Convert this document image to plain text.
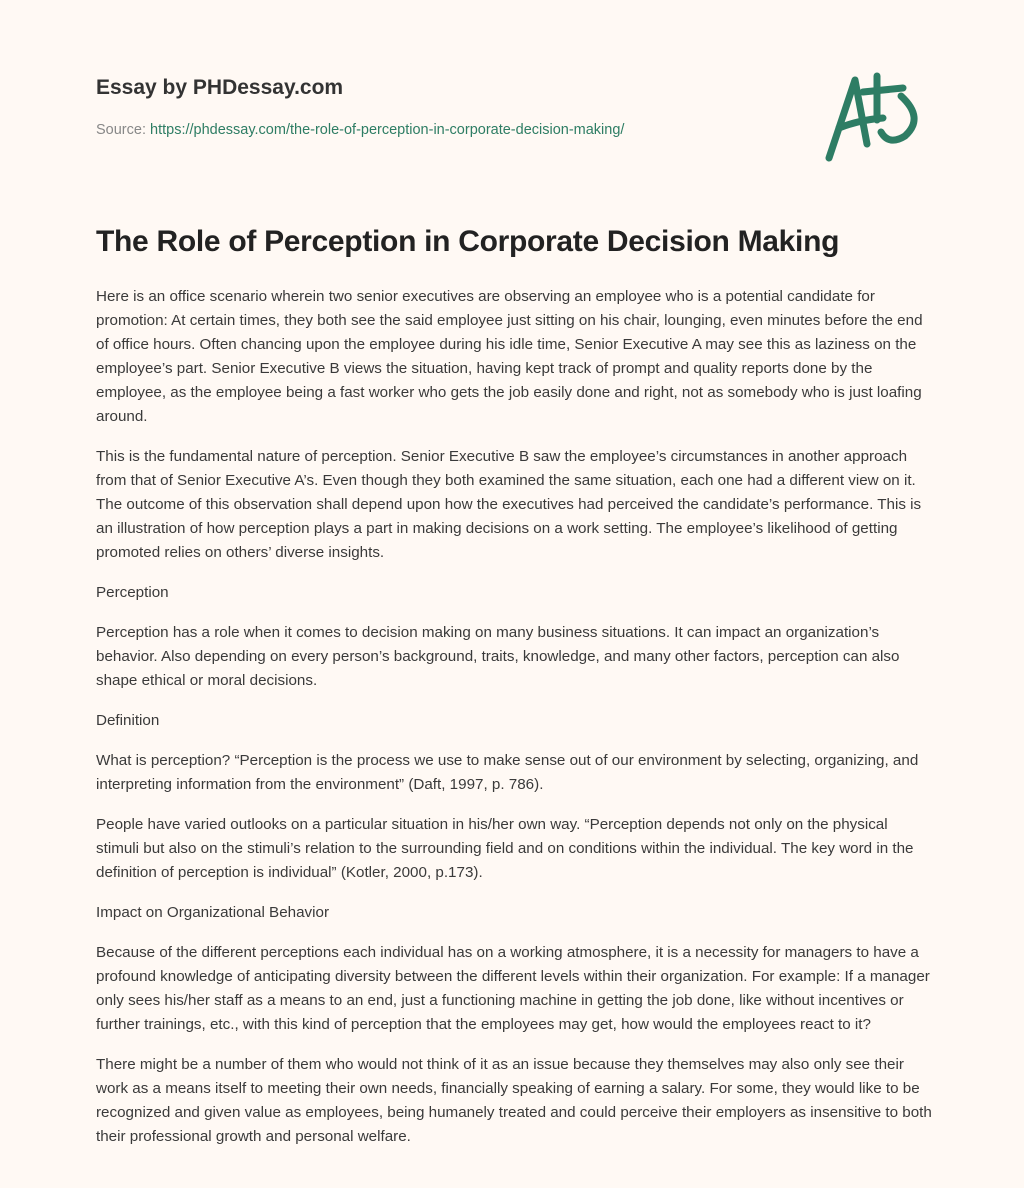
Essay by PHDessay.com

Source: https://phdessay.com/the-role-of-perception-in-corporate-decision-making/
The Role of Perception in Corporate Decision Making

Here is an office scenario wherein two senior executives are observing an employee who is a potential candidate for promotion: At certain times, they both see the said employee just sitting on his chair, lounging, even minutes before the end of office hours. Often chancing upon the employee during his idle time, Senior Executive A may see this as laziness on the employee’s part. Senior Executive B views the situation, having kept track of prompt and quality reports done by the employee, as the employee being a fast worker who gets the job easily done and right, not as somebody who is just loafing around.

This is the fundamental nature of perception. Senior Executive B saw the employee’s circumstances in another approach from that of Senior Executive A’s. Even though they both examined the same situation, each one had a different view on it. The outcome of this observation shall depend upon how the executives had perceived the candidate’s performance. This is an illustration of how perception plays a part in making decisions on a work setting. The employee’s likelihood of getting promoted relies on others’ diverse insights.

Perception

Perception has a role when it comes to decision making on many business situations. It can impact an organization’s behavior. Also depending on every person’s background, traits, knowledge, and many other factors, perception can also shape ethical or moral decisions.

Definition

What is perception? “Perception is the process we use to make sense out of our environment by selecting, organizing, and interpreting information from the environment” (Daft, 1997, p. 786).

People have varied outlooks on a particular situation in his/her own way. “Perception depends not only on the physical stimuli but also on the stimuli’s relation to the surrounding field and on conditions within the individual. The key word in the definition of perception is individual” (Kotler, 2000, p.173).

Impact on Organizational Behavior

Because of the different perceptions each individual has on a working atmosphere, it is a necessity for managers to have a profound knowledge of anticipating diversity between the different levels within their organization. For example: If a manager only sees his/her staff as a means to an end, just a functioning machine in getting the job done, like without incentives or further trainings, etc., with this kind of perception that the employees may get, how would the employees react to it?

There might be a number of them who would not think of it as an issue because they themselves may also only see their work as a means itself to meeting their own needs, financially speaking of earning a salary. For some, they would like to be recognized and given value as employees, being humanely treated and could perceive their employers as insensitive to both their professional growth and personal welfare.
